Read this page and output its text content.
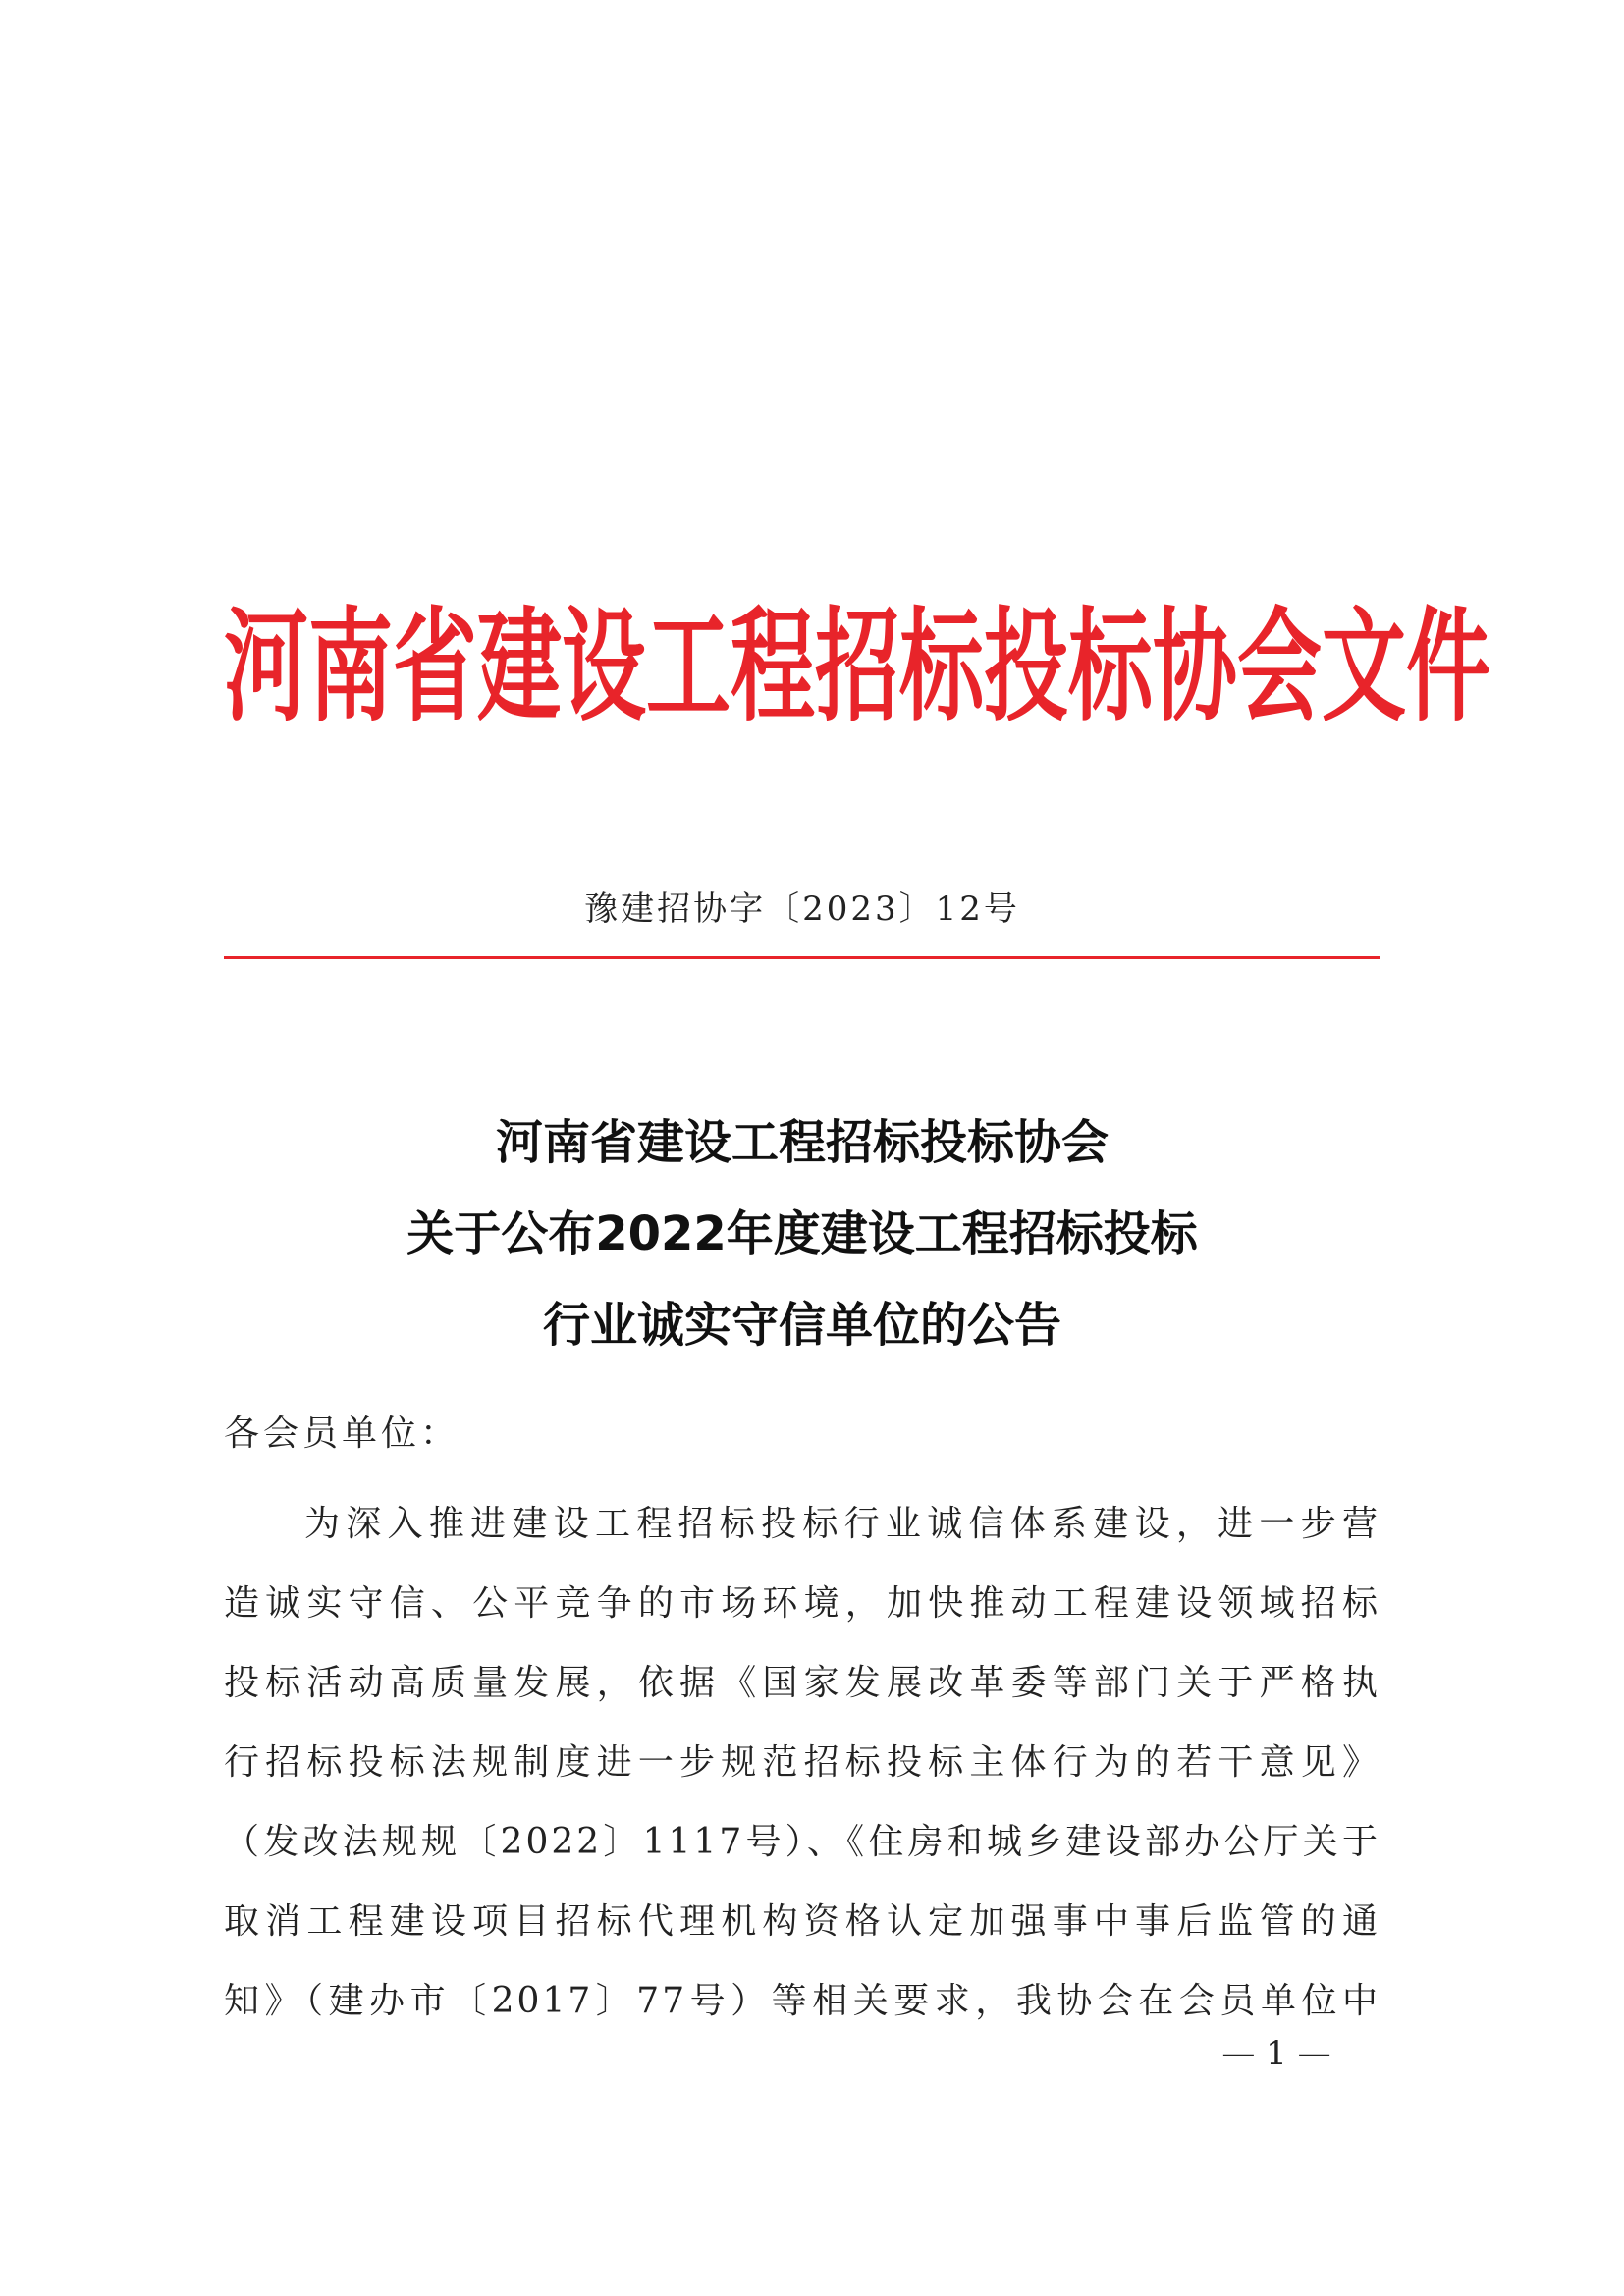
河南省建设工程招标投标协会文件
豫建招协字〔2023〕12号
河南省建设工程招标投标协会
关于公布2022年度建设工程招标投标
行业诚实守信单位的公告
各会员单位：
为深入推进建设工程招标投标行业诚信体系建设，进一步营
造诚实守信、公平竞争的市场环境，加快推动工程建设领域招标
投标活动高质量发展，依据《国家发展改革委等部门关于严格执
行招标投标法规制度进一步规范招标投标主体行为的若干意见》
（发改法规规〔2022〕1117号）、《住房和城乡建设部办公厅关于
取消工程建设项目招标代理机构资格认定加强事中事后监管的通
知》（建办市〔2017〕77号）等相关要求，我协会在会员单位中
— 1 —
